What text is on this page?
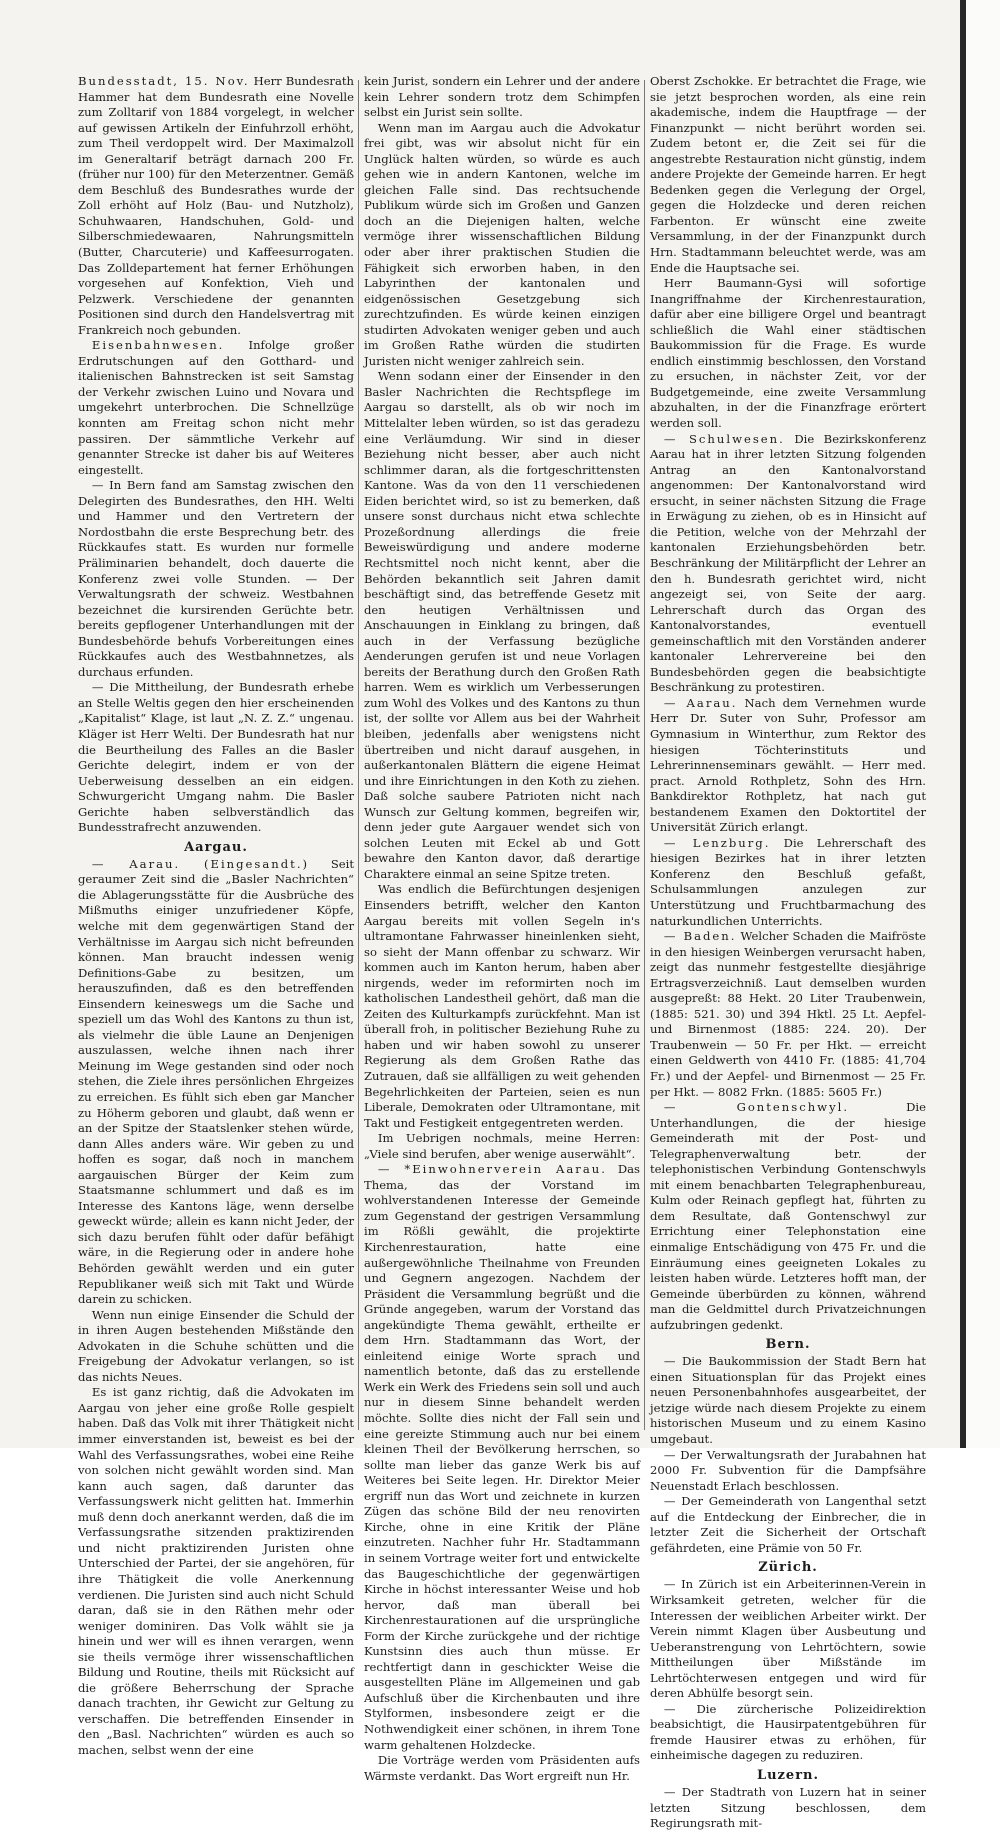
Bundesstadt, 15. Nov. Herr Bundesrath Hammer hat dem Bundesrath eine Novelle zum Zolltarif von 1884 vorgelegt, in welcher auf gewissen Artikeln der Einfuhrzoll erhöht, zum Theil verdoppelt wird. Der Maximalzoll im Generaltarif beträgt darnach 200 Fr. (früher nur 100) für den Meterzentner. Gemäß dem Beschluß des Bundesrathes wurde der Zoll erhöht auf Holz (Bau- und Nutzholz), Schuhwaaren, Handschuhen, Gold- und Silberschmiedewaaren, Nahrungsmitteln (Butter, Charcuterie) und Kaffeesurrogaten. Das Zolldepartement hat ferner Erhöhungen vorgesehen auf Konfektion, Vieh und Pelzwerk. Verschiedene der genannten Positionen sind durch den Handelsvertrag mit Frankreich noch gebunden.

Eisenbahnwesen. Infolge großer Erdrutschungen auf den Gotthard- und italienischen Bahnstrecken ist seit Samstag der Verkehr zwischen Luino und Novara und umgekehrt unterbrochen. Die Schnellzüge konnten am Freitag schon nicht mehr passiren. Der sämmtliche Verkehr auf genannter Strecke ist daher bis auf Weiteres eingestellt.

— In Bern fand am Samstag zwischen den Delegirten des Bundesrathes, den HH. Welti und Hammer und den Vertretern der Nordostbahn die erste Besprechung betr. des Rückkaufes statt. Es wurden nur formelle Präliminarien behandelt, doch dauerte die Konferenz zwei volle Stunden. — Der Verwaltungsrath der schweiz. Westbahnen bezeichnet die kursirenden Gerüchte betr. bereits gepflogener Unterhandlungen mit der Bundesbehörde behufs Vorbereitungen eines Rückkaufes auch des Westbahnnetzes, als durchaus erfunden.

— Die Mittheilung, der Bundesrath erhebe an Stelle Weltis gegen den hier erscheinenden „Kapitalist“ Klage, ist laut „N. Z. Z.“ ungenau. Kläger ist Herr Welti. Der Bundesrath hat nur die Beurtheilung des Falles an die Basler Gerichte delegirt, indem er von der Ueberweisung desselben an ein eidgen. Schwurgericht Umgang nahm. Die Basler Gerichte haben selbverständlich das Bundesstrafrecht anzuwenden.

Aargau.

— Aarau. (Eingesandt.) Seit geraumer Zeit sind die „Basler Nachrichten“ die Ablagerungsstätte für die Ausbrüche des Mißmuths einiger unzufriedener Köpfe, welche mit dem gegenwärtigen Stand der Verhältnisse im Aargau sich nicht befreunden können. Man braucht indessen wenig Definitions-Gabe zu besitzen, um herauszufinden, daß es den betreffenden Einsendern keineswegs um die Sache und speziell um das Wohl des Kantons zu thun ist, als vielmehr die üble Laune an Denjenigen auszulassen, welche ihnen nach ihrer Meinung im Wege gestanden sind oder noch stehen, die Ziele ihres persönlichen Ehrgeizes zu erreichen. Es fühlt sich eben gar Mancher zu Höherm geboren und glaubt, daß wenn er an der Spitze der Staatslenker stehen würde, dann Alles anders wäre. Wir geben zu und hoffen es sogar, daß noch in manchem aargauischen Bürger der Keim zum Staatsmanne schlummert und daß es im Interesse des Kantons läge, wenn derselbe geweckt würde; allein es kann nicht Jeder, der sich dazu berufen fühlt oder dafür befähigt wäre, in die Regierung oder in andere hohe Behörden gewählt werden und ein guter Republikaner weiß sich mit Takt und Würde darein zu schicken.

Wenn nun einige Einsender die Schuld der in ihren Augen bestehenden Mißstände den Advokaten in die Schuhe schütten und die Freigebung der Advokatur verlangen, so ist das nichts Neues.

Es ist ganz richtig, daß die Advokaten im Aargau von jeher eine große Rolle gespielt haben. Daß das Volk mit ihrer Thätigkeit nicht immer einverstanden ist, beweist es bei der Wahl des Verfassungsrathes, wobei eine Reihe von solchen nicht gewählt worden sind. Man kann auch sagen, daß darunter das Verfassungswerk nicht gelitten hat. Immerhin muß denn doch anerkannt werden, daß die im Verfassungsrathe sitzenden praktizirenden und nicht praktizirenden Juristen ohne Unterschied der Partei, der sie angehören, für ihre Thätigkeit die volle Anerkennung verdienen. Die Juristen sind auch nicht Schuld daran, daß sie in den Räthen mehr oder weniger dominiren. Das Volk wählt sie ja hinein und wer will es ihnen verargen, wenn sie theils vermöge ihrer wissenschaftlichen Bildung und Routine, theils mit Rücksicht auf die größere Beherrschung der Sprache danach trachten, ihr Gewicht zur Geltung zu verschaffen. Die betreffenden Einsender in den „Basl. Nachrichten“ würden es auch so machen, selbst wenn der eine

kein Jurist, sondern ein Lehrer und der andere kein Lehrer sondern trotz dem Schimpfen selbst ein Jurist sein sollte.

Wenn man im Aargau auch die Advokatur frei gibt, was wir absolut nicht für ein Unglück halten würden, so würde es auch gehen wie in andern Kantonen, welche im gleichen Falle sind. Das rechtsuchende Publikum würde sich im Großen und Ganzen doch an die Diejenigen halten, welche vermöge ihrer wissenschaftlichen Bildung oder aber ihrer praktischen Studien die Fähigkeit sich erworben haben, in den Labyrinthen der kantonalen und eidgenössischen Gesetzgebung sich zurechtzufinden. Es würde keinen einzigen studirten Advokaten weniger geben und auch im Großen Rathe würden die studirten Juristen nicht weniger zahlreich sein.

Wenn sodann einer der Einsender in den Basler Nachrichten die Rechtspflege im Aargau so darstellt, als ob wir noch im Mittelalter leben würden, so ist das geradezu eine Verläumdung. Wir sind in dieser Beziehung nicht besser, aber auch nicht schlimmer daran, als die fortgeschrittensten Kantone. Was da von den 11 verschiedenen Eiden berichtet wird, so ist zu bemerken, daß unsere sonst durchaus nicht etwa schlechte Prozeßordnung allerdings die freie Beweiswürdigung und andere moderne Rechtsmittel noch nicht kennt, aber die Behörden bekanntlich seit Jahren damit beschäftigt sind, das betreffende Gesetz mit den heutigen Verhältnissen und Anschauungen in Einklang zu bringen, daß auch in der Verfassung bezügliche Aenderungen gerufen ist und neue Vorlagen bereits der Berathung durch den Großen Rath harren. Wem es wirklich um Verbesserungen zum Wohl des Volkes und des Kantons zu thun ist, der sollte vor Allem aus bei der Wahrheit bleiben, jedenfalls aber wenigstens nicht übertreiben und nicht darauf ausgehen, in außerkantonalen Blättern die eigene Heimat und ihre Einrichtungen in den Koth zu ziehen. Daß solche saubere Patrioten nicht nach Wunsch zur Geltung kommen, begreifen wir, denn jeder gute Aargauer wendet sich von solchen Leuten mit Eckel ab und Gott bewahre den Kanton davor, daß derartige Charaktere einmal an seine Spitze treten.

Was endlich die Befürchtungen desjenigen Einsenders betrifft, welcher den Kanton Aargau bereits mit vollen Segeln in's ultramontane Fahrwasser hineinlenken sieht, so sieht der Mann offenbar zu schwarz. Wir kommen auch im Kanton herum, haben aber nirgends, weder im reformirten noch im katholischen Landestheil gehört, daß man die Zeiten des Kulturkampfs zurückfehnt. Man ist überall froh, in politischer Beziehung Ruhe zu haben und wir haben sowohl zu unserer Regierung als dem Großen Rathe das Zutrauen, daß sie allfälligen zu weit gehenden Begehrlichkeiten der Parteien, seien es nun Liberale, Demokraten oder Ultramontane, mit Takt und Festigkeit entgegentreten werden.

Im Uebrigen nochmals, meine Herren: „Viele sind berufen, aber wenige auserwählt“.

— *Einwohnerverein Aarau. Das Thema, das der Vorstand im wohlverstandenen Interesse der Gemeinde zum Gegenstand der gestrigen Versammlung im Rößli gewählt, die projektirte Kirchenrestauration, hatte eine außergewöhnliche Theilnahme von Freunden und Gegnern angezogen. Nachdem der Präsident die Versammlung begrüßt und die Gründe angegeben, warum der Vorstand das angekündigte Thema gewählt, ertheilte er dem Hrn. Stadtammann das Wort, der einleitend einige Worte sprach und namentlich betonte, daß das zu erstellende Werk ein Werk des Friedens sein soll und auch nur in diesem Sinne behandelt werden möchte. Sollte dies nicht der Fall sein und eine gereizte Stimmung auch nur bei einem kleinen Theil der Bevölkerung herrschen, so sollte man lieber das ganze Werk bis auf Weiteres bei Seite legen. Hr. Direktor Meier ergriff nun das Wort und zeichnete in kurzen Zügen das schöne Bild der neu renovirten Kirche, ohne in eine Kritik der Pläne einzutreten. Nachher fuhr Hr. Stadtammann in seinem Vortrage weiter fort und entwickelte das Baugeschichtliche der gegenwärtigen Kirche in höchst interessanter Weise und hob hervor, daß man überall bei Kirchenrestaurationen auf die ursprüngliche Form der Kirche zurückgehe und der richtige Kunstsinn dies auch thun müsse. Er rechtfertigt dann in geschickter Weise die ausgestellten Pläne im Allgemeinen und gab Aufschluß über die Kirchenbauten und ihre Stylformen, insbesondere zeigt er die Nothwendigkeit einer schönen, in ihrem Tone warm gehaltenen Holzdecke.

Die Vorträge werden vom Präsidenten aufs Wärmste verdankt. Das Wort ergreift nun Hr.

Oberst Zschokke. Er betrachtet die Frage, wie sie jetzt besprochen worden, als eine rein akademische, indem die Hauptfrage — der Finanzpunkt — nicht berührt worden sei. Zudem betont er, die Zeit sei für die angestrebte Restauration nicht günstig, indem andere Projekte der Gemeinde harren. Er hegt Bedenken gegen die Verlegung der Orgel, gegen die Holzdecke und deren reichen Farbenton. Er wünscht eine zweite Versammlung, in der der Finanzpunkt durch Hrn. Stadtammann beleuchtet werde, was am Ende die Hauptsache sei.

Herr Baumann-Gysi will sofortige Inangriffnahme der Kirchenrestauration, dafür aber eine billigere Orgel und beantragt schließlich die Wahl einer städtischen Baukommission für die Frage. Es wurde endlich einstimmig beschlossen, den Vorstand zu ersuchen, in nächster Zeit, vor der Budgetgemeinde, eine zweite Versammlung abzuhalten, in der die Finanzfrage erörtert werden soll.

— Schulwesen. Die Bezirkskonferenz Aarau hat in ihrer letzten Sitzung folgenden Antrag an den Kantonalvorstand angenommen: Der Kantonalvorstand wird ersucht, in seiner nächsten Sitzung die Frage in Erwägung zu ziehen, ob es in Hinsicht auf die Petition, welche von der Mehrzahl der kantonalen Erziehungsbehörden betr. Beschränkung der Militärpflicht der Lehrer an den h. Bundesrath gerichtet wird, nicht angezeigt sei, von Seite der aarg. Lehrerschaft durch das Organ des Kantonalvorstandes, eventuell gemeinschaftlich mit den Vorständen anderer kantonaler Lehrervereine bei den Bundesbehörden gegen die beabsichtigte Beschränkung zu protestiren.

— Aarau. Nach dem Vernehmen wurde Herr Dr. Suter von Suhr, Professor am Gymnasium in Winterthur, zum Rektor des hiesigen Töchterinstituts und Lehrerinnenseminars gewählt. — Herr med. pract. Arnold Rothpletz, Sohn des Hrn. Bankdirektor Rothpletz, hat nach gut bestandenem Examen den Doktortitel der Universität Zürich erlangt.

— Lenzburg. Die Lehrerschaft des hiesigen Bezirkes hat in ihrer letzten Konferenz den Beschluß gefaßt, Schulsammlungen anzulegen zur Unterstützung und Fruchtbarmachung des naturkundlichen Unterrichts.

— Baden. Welcher Schaden die Maifröste in den hiesigen Weinbergen verursacht haben, zeigt das nunmehr festgestellte diesjährige Ertragsverzeichniß. Laut demselben wurden ausgepreßt: 88 Hekt. 20 Liter Traubenwein, (1885: 521. 30) und 394 Hktl. 25 Lt. Aepfel- und Birnenmost (1885: 224. 20). Der Traubenwein — 50 Fr. per Hkt. — erreicht einen Geldwerth von 4410 Fr. (1885: 41,704 Fr.) und der Aepfel- und Birnenmost — 25 Fr. per Hkt. — 8082 Frkn. (1885: 5605 Fr.)

— Gontenschwyl.	Die Unterhandlungen, die der hiesige Gemeinderath mit der Post- und Telegraphenverwaltung betr. der telephonistischen Verbindung Gontenschwyls mit einem benachbarten Telegraphenbureau, Kulm oder Reinach gepflegt hat, führten zu dem Resultate, daß Gontenschwyl zur Errichtung einer Telephonstation eine einmalige Entschädigung von 475 Fr. und die Einräumung eines geeigneten Lokales zu leisten haben würde. Letzteres hofft man, der Gemeinde überbürden zu können, während man die Geldmittel durch Privatzeichnungen aufzubringen gedenkt.

Bern.

— Die Baukommission der Stadt Bern hat einen Situationsplan für das Projekt eines neuen Personenbahnhofes ausgearbeitet, der jetzige würde nach diesem Projekte zu einem historischen Museum und zu einem Kasino umgebaut.

— Der Verwaltungsrath der Jurabahnen hat 2000 Fr. Subvention für die Dampfsähre Neuenstadt Erlach beschlossen.

— Der Gemeinderath von Langenthal setzt auf die Entdeckung der Einbrecher, die in letzter Zeit die Sicherheit der Ortschaft gefährdeten, eine Prämie von 50 Fr.

Zürich.

— In Zürich ist ein Arbeiterinnen-Verein in Wirksamkeit getreten, welcher für die Interessen der weiblichen Arbeiter wirkt. Der Verein nimmt Klagen über Ausbeutung und Ueberanstrengung von Lehrtöchtern, sowie Mittheilungen über Mißstände im Lehrtöchterwesen entgegen und wird für deren Abhülfe besorgt sein.

— Die zürcherische Polizeidirektion beabsichtigt, die Hausirpatentgebühren für fremde Hausirer etwas zu erhöhen, für einheimische dagegen zu reduziren.

Luzern.

— Der Stadtrath von Luzern hat in seiner letzten Sitzung beschlossen, dem Regirungsrath mit-
